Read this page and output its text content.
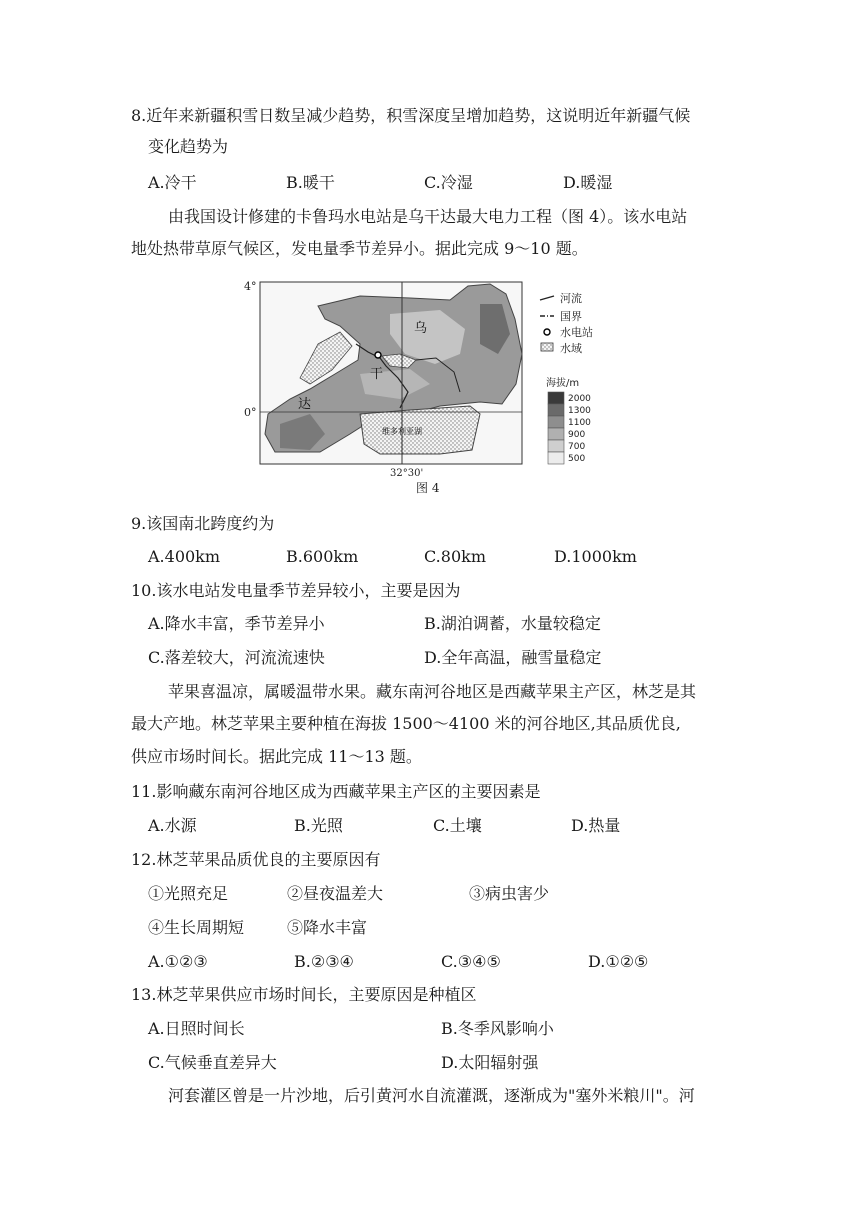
8.近年来新疆积雪日数呈减少趋势，积雪深度呈增加趋势，这说明近年新疆气候
变化趋势为
A.冷干	B.暖干	C.冷湿	D.暖湿
由我国设计修建的卡鲁玛水电站是乌干达最大电力工程（图 4）。该水电站
地处热带草原气候区，发电量季节差异小。据此完成 9～10 题。
4°
0°
32°30'
乌
干
达
维多利亚湖
河流
国界
水电站
水域
海拔/m
2000
1300
1100
900
700
500
图 4
9.该国南北跨度约为
A.400km	B.600km	C.80km	D.1000km
10.该水电站发电量季节差异较小，主要是因为
A.降水丰富，季节差异小	B.湖泊调蓄，水量较稳定
C.落差较大，河流流速快	D.全年高温，融雪量稳定
苹果喜温凉，属暖温带水果。藏东南河谷地区是西藏苹果主产区，林芝是其
最大产地。林芝苹果主要种植在海拔 1500～4100 米的河谷地区,其品质优良,
供应市场时间长。据此完成 11～13 题。
11.影响藏东南河谷地区成为西藏苹果主产区的主要因素是
A.水源	B.光照	C.土壤	D.热量
12.林芝苹果品质优良的主要原因有
①光照充足	②昼夜温差大	③病虫害少
④生长周期短	⑤降水丰富
A.①②③	B.②③④	C.③④⑤	D.①②⑤
13.林芝苹果供应市场时间长，主要原因是种植区
A.日照时间长	B.冬季风影响小
C.气候垂直差异大	D.太阳辐射强
河套灌区曾是一片沙地，后引黄河水自流灌溉，逐渐成为"塞外米粮川"。河
